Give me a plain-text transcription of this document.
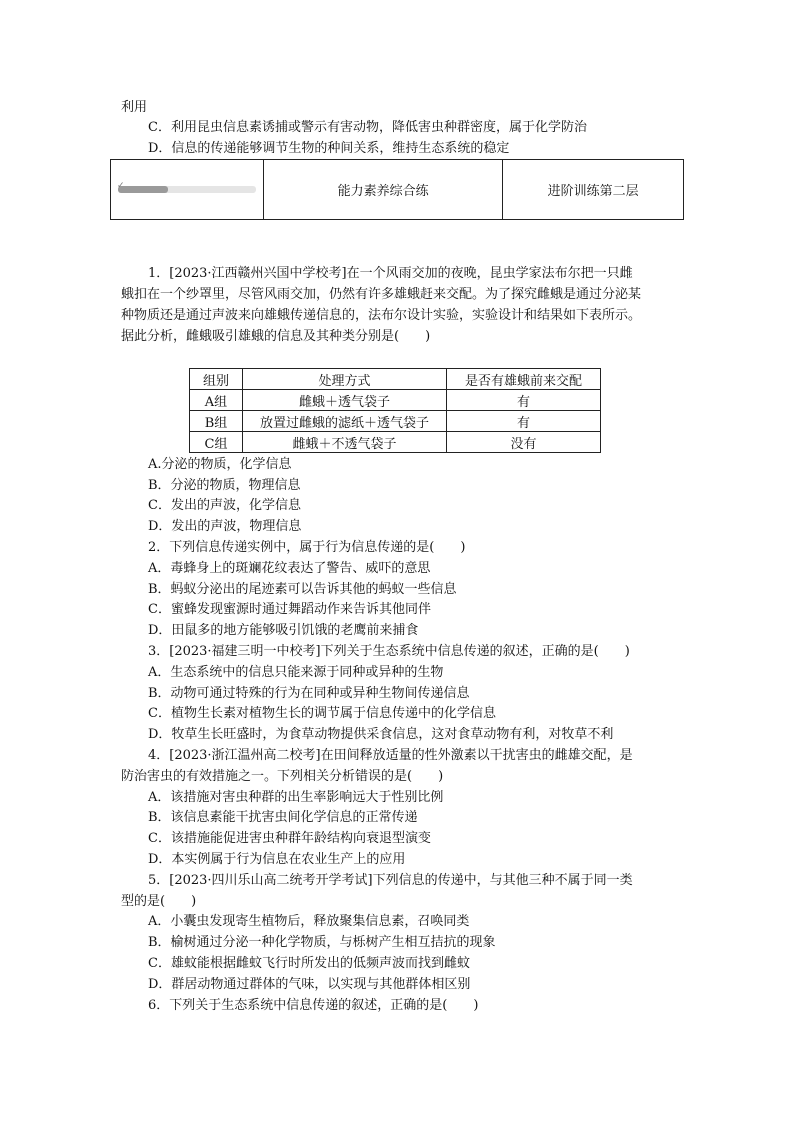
利用
C．利用昆虫信息素诱捕或警示有害动物，降低害虫种群密度，属于化学防治
D．信息的传递能够调节生物的种间关系，维持生态系统的稳定
✓	能力素养综合练	进阶训练第二层
1．[2023·江西赣州兴国中学校考]在一个风雨交加的夜晚，昆虫学家法布尔把一只雌
蛾扣在一个纱罩里，尽管风雨交加，仍然有许多雄蛾赶来交配。为了探究雌蛾是通过分泌某
种物质还是通过声波来向雄蛾传递信息的，法布尔设计实验，实验设计和结果如下表所示。
据此分析，雌蛾吸引雄蛾的信息及其种类分别是(　　)
组别	处理方式	是否有雄蛾前来交配
A组	雌蛾＋透气袋子	有
B组	放置过雌蛾的滤纸＋透气袋子	有
C组	雌蛾＋不透气袋子	没有
A.分泌的物质，化学信息
B．分泌的物质，物理信息
C．发出的声波，化学信息
D．发出的声波，物理信息
2．下列信息传递实例中，属于行为信息传递的是(　　)
A．毒蜂身上的斑斓花纹表达了警告、威吓的意思
B．蚂蚁分泌出的尾迹素可以告诉其他的蚂蚁一些信息
C．蜜蜂发现蜜源时通过舞蹈动作来告诉其他同伴
D．田鼠多的地方能够吸引饥饿的老鹰前来捕食
3．[2023·福建三明一中校考]下列关于生态系统中信息传递的叙述，正确的是(　　)
A．生态系统中的信息只能来源于同种或异种的生物
B．动物可通过特殊的行为在同种或异种生物间传递信息
C．植物生长素对植物生长的调节属于信息传递中的化学信息
D．牧草生长旺盛时，为食草动物提供采食信息，这对食草动物有利，对牧草不利
4．[2023·浙江温州高二校考]在田间释放适量的性外激素以干扰害虫的雌雄交配，是
防治害虫的有效措施之一。下列相关分析错误的是(　　)
A．该措施对害虫种群的出生率影响远大于性别比例
B．该信息素能干扰害虫间化学信息的正常传递
C．该措施能促进害虫种群年龄结构向衰退型演变
D．本实例属于行为信息在农业生产上的应用
5．[2023·四川乐山高二统考开学考试]下列信息的传递中，与其他三种不属于同一类
型的是(　　)
A．小囊虫发现寄生植物后，释放聚集信息素，召唤同类
B．榆树通过分泌一种化学物质，与栎树产生相互拮抗的现象
C．雄蚊能根据雌蚊飞行时所发出的低频声波而找到雌蚊
D．群居动物通过群体的气味，以实现与其他群体相区别
6．下列关于生态系统中信息传递的叙述，正确的是(　　)
